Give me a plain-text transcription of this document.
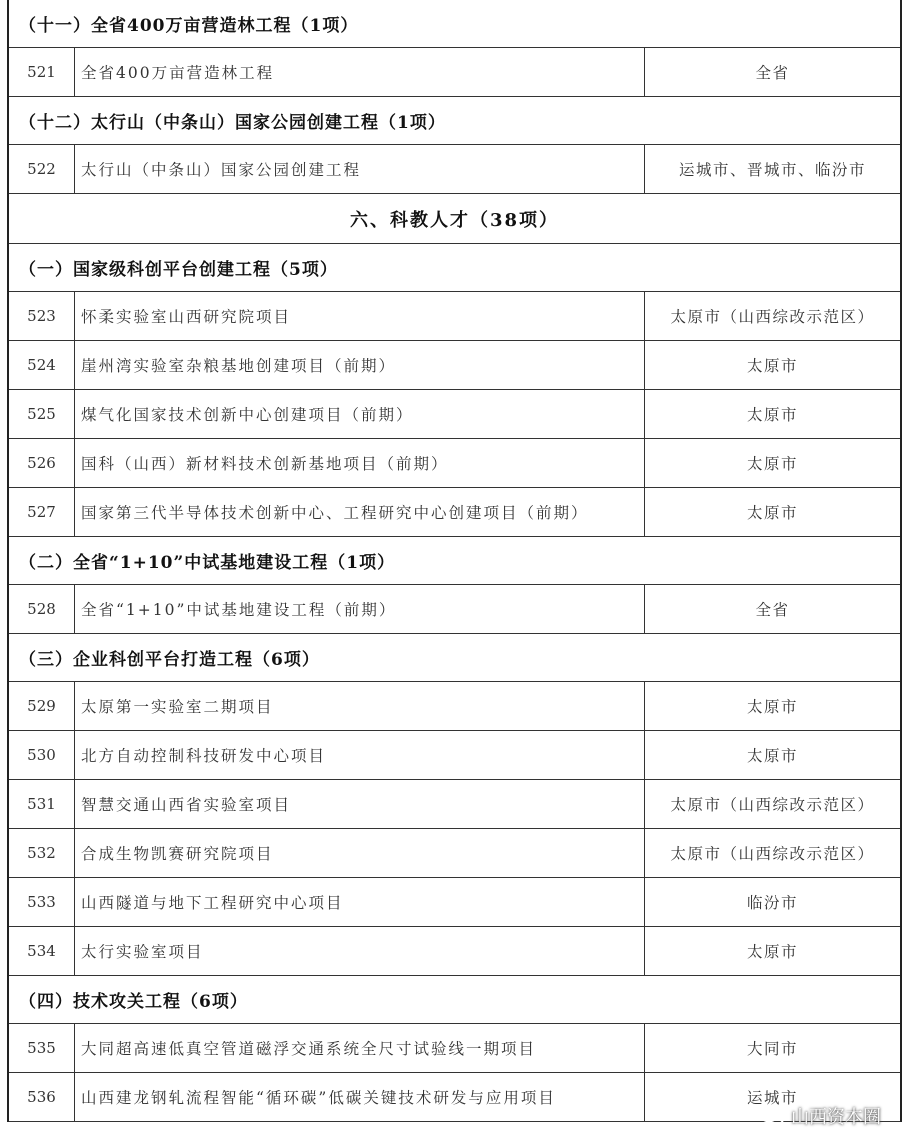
（十一）全省400万亩营造林工程（1项）
521	全省400万亩营造林工程	全省
（十二）太行山（中条山）国家公园创建工程（1项）
522	太行山（中条山）国家公园创建工程	运城市、晋城市、临汾市
六、科教人才（38项）
（一）国家级科创平台创建工程（5项）
523	怀柔实验室山西研究院项目	太原市（山西综改示范区）
524	崖州湾实验室杂粮基地创建项目（前期）	太原市
525	煤气化国家技术创新中心创建项目（前期）	太原市
526	国科（山西）新材料技术创新基地项目（前期）	太原市
527	国家第三代半导体技术创新中心、工程研究中心创建项目（前期）	太原市
（二）全省“1+10”中试基地建设工程（1项）
528	全省“1+10”中试基地建设工程（前期）	全省
（三）企业科创平台打造工程（6项）
529	太原第一实验室二期项目	太原市
530	北方自动控制科技研发中心项目	太原市
531	智慧交通山西省实验室项目	太原市（山西综改示范区）
532	合成生物凯赛研究院项目	太原市（山西综改示范区）
533	山西隧道与地下工程研究中心项目	临汾市
534	太行实验室项目	太原市
（四）技术攻关工程（6项）
535	大同超高速低真空管道磁浮交通系统全尺寸试验线一期项目	大同市
536	山西建龙钢轧流程智能“循环碳”低碳关键技术研发与应用项目	运城市
山西资本圈
